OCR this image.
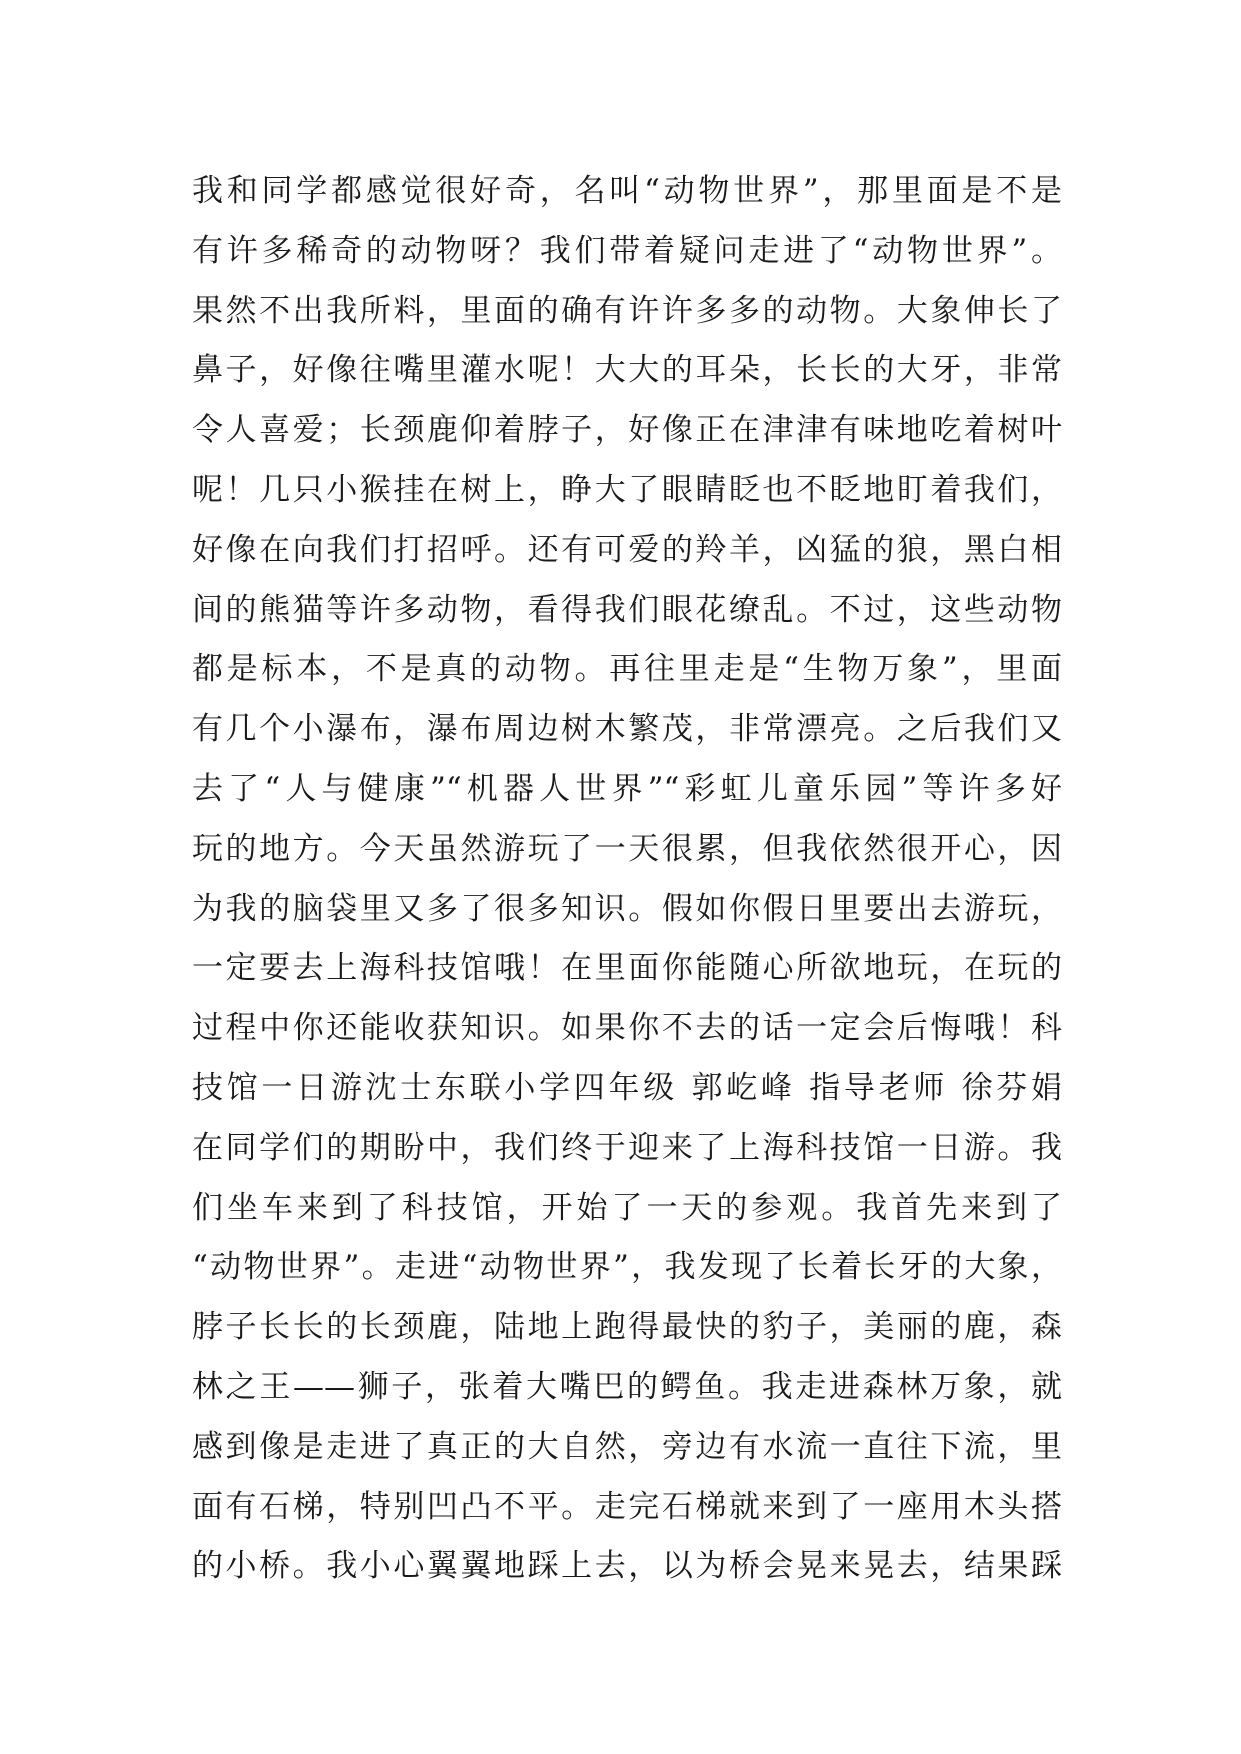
我和同学都感觉很好奇，名叫“动物世界”，那里面是不是
有许多稀奇的动物呀？我们带着疑问走进了“动物世界”。
果然不出我所料，里面的确有许许多多的动物。大象伸长了
鼻子，好像往嘴里灌水呢！大大的耳朵，长长的大牙，非常
令人喜爱；长颈鹿仰着脖子，好像正在津津有味地吃着树叶
呢！几只小猴挂在树上，睁大了眼睛眨也不眨地盯着我们，
好像在向我们打招呼。还有可爱的羚羊，凶猛的狼，黑白相
间的熊猫等许多动物，看得我们眼花缭乱。不过，这些动物
都是标本，不是真的动物。再往里走是“生物万象”，里面
有几个小瀑布，瀑布周边树木繁茂，非常漂亮。之后我们又
去了“人与健康”“机器人世界”“彩虹儿童乐园”等许多好
玩的地方。今天虽然游玩了一天很累，但我依然很开心，因
为我的脑袋里又多了很多知识。假如你假日里要出去游玩，
一定要去上海科技馆哦！在里面你能随心所欲地玩，在玩的
过程中你还能收获知识。如果你不去的话一定会后悔哦！科
技馆一日游沈士东联小学四年级 郭屹峰 指导老师 徐芬娟
在同学们的期盼中，我们终于迎来了上海科技馆一日游。我
们坐车来到了科技馆，开始了一天的参观。我首先来到了
“动物世界”。走进“动物世界”，我发现了长着长牙的大象，
脖子长长的长颈鹿，陆地上跑得最快的豹子，美丽的鹿，森
林之王——狮子，张着大嘴巴的鳄鱼。我走进森林万象，就
感到像是走进了真正的大自然，旁边有水流一直往下流，里
面有石梯，特别凹凸不平。走完石梯就来到了一座用木头搭
的小桥。我小心翼翼地踩上去，以为桥会晃来晃去，结果踩
